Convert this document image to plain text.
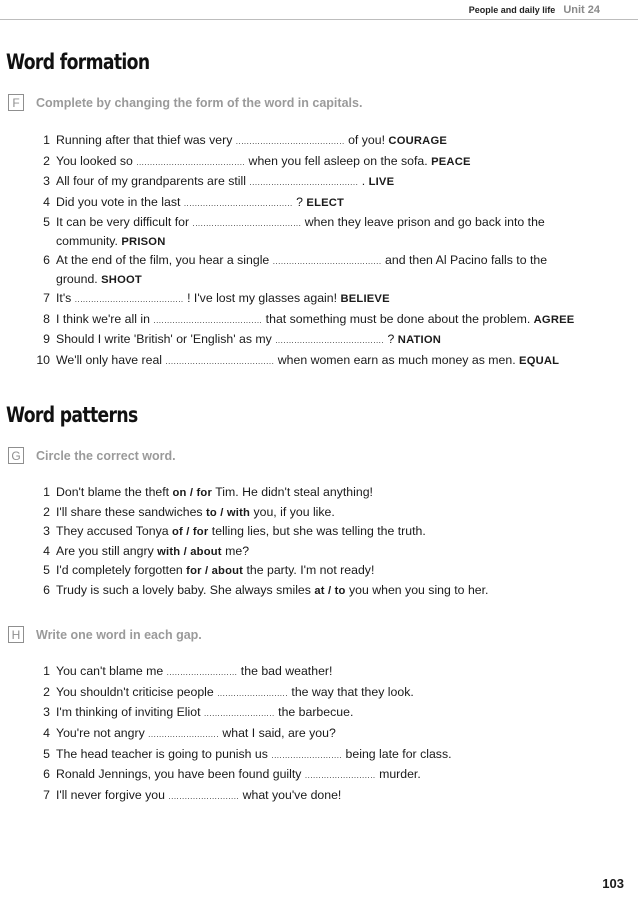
People and daily life Unit 24
Word formation
F	Complete by changing the form of the word in capitals.
1 Running after that thief was very ........................................ of you! COURAGE
2 You looked so ........................................ when you fell asleep on the sofa. PEACE
3 All four of my grandparents are still ........................................ . LIVE
4 Did you vote in the last ........................................ ? ELECT
5 It can be very difficult for ........................................ when they leave prison and go back into the community. PRISON
6 At the end of the film, you hear a single ........................................ and then Al Pacino falls to the ground. SHOOT
7 It's ........................................ ! I've lost my glasses again! BELIEVE
8 I think we're all in ........................................ that something must be done about the problem. AGREE
9 Should I write 'British' or 'English' as my ........................................ ? NATION
10 We'll only have real ........................................ when women earn as much money as men. EQUAL
Word patterns
G Circle the correct word.
1 Don't blame the theft on / for Tim. He didn't steal anything!
2 I'll share these sandwiches to / with you, if you like.
3 They accused Tonya of / for telling lies, but she was telling the truth.
4 Are you still angry with / about me?
5 I'd completely forgotten for / about the party. I'm not ready!
6 Trudy is such a lovely baby. She always smiles at / to you when you sing to her.
H Write one word in each gap.
1 You can't blame me .......................... the bad weather!
2 You shouldn't criticise people .......................... the way that they look.
3 I'm thinking of inviting Eliot .......................... the barbecue.
4 You're not angry .......................... what I said, are you?
5 The head teacher is going to punish us .......................... being late for class.
6 Ronald Jennings, you have been found guilty .......................... murder.
7 I'll never forgive you .......................... what you've done!
103
